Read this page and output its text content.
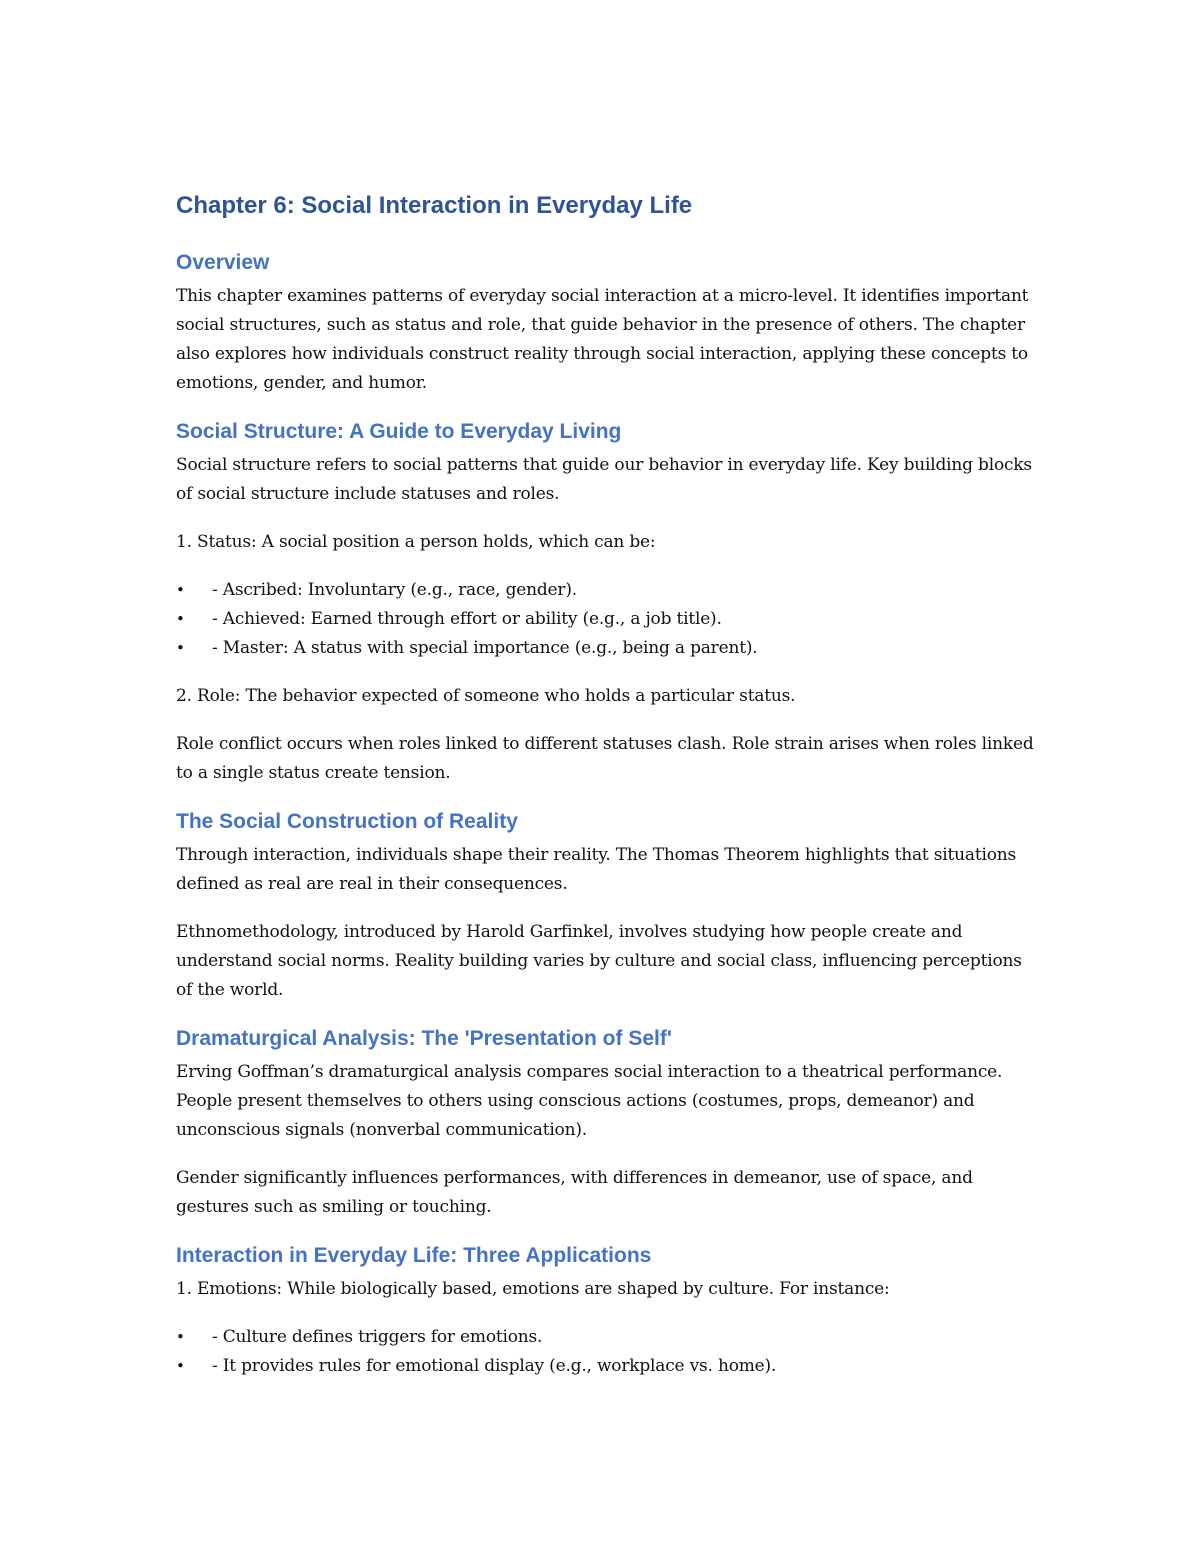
Chapter 6: Social Interaction in Everyday Life
Overview
This chapter examines patterns of everyday social interaction at a micro-level. It identifies important social structures, such as status and role, that guide behavior in the presence of others. The chapter also explores how individuals construct reality through social interaction, applying these concepts to emotions, gender, and humor.
Social Structure: A Guide to Everyday Living
Social structure refers to social patterns that guide our behavior in everyday life. Key building blocks of social structure include statuses and roles.
1. Status: A social position a person holds, which can be:
• - Ascribed: Involuntary (e.g., race, gender).
• - Achieved: Earned through effort or ability (e.g., a job title).
• - Master: A status with special importance (e.g., being a parent).
2. Role: The behavior expected of someone who holds a particular status.
Role conflict occurs when roles linked to different statuses clash. Role strain arises when roles linked to a single status create tension.
The Social Construction of Reality
Through interaction, individuals shape their reality. The Thomas Theorem highlights that situations defined as real are real in their consequences.
Ethnomethodology, introduced by Harold Garfinkel, involves studying how people create and understand social norms. Reality building varies by culture and social class, influencing perceptions of the world.
Dramaturgical Analysis: The 'Presentation of Self'
Erving Goffman’s dramaturgical analysis compares social interaction to a theatrical performance. People present themselves to others using conscious actions (costumes, props, demeanor) and unconscious signals (nonverbal communication).
Gender significantly influences performances, with differences in demeanor, use of space, and gestures such as smiling or touching.
Interaction in Everyday Life: Three Applications
1. Emotions: While biologically based, emotions are shaped by culture. For instance:
• - Culture defines triggers for emotions.
• - It provides rules for emotional display (e.g., workplace vs. home).
